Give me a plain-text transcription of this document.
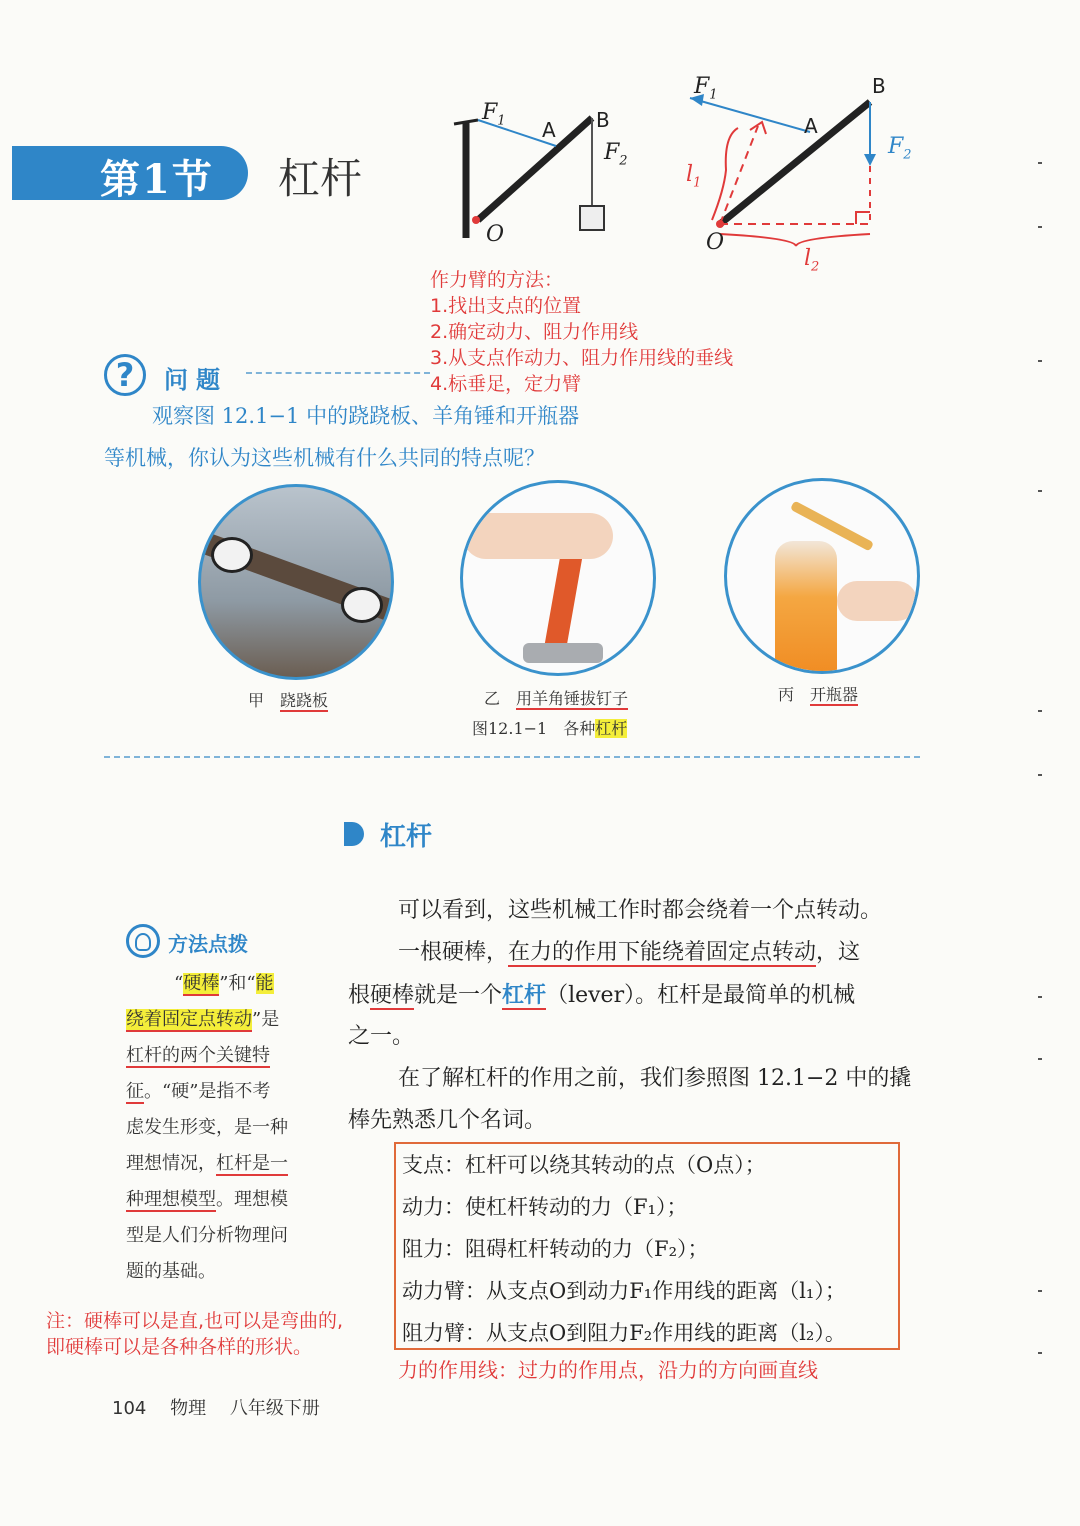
第1节 杠杆
$F_1$ A B
$F_2$
O
$F_1$
A
B
$F_2$
O
$l_1$
$l_2$
作力臂的方法：
1.找出支点的位置
2.确定动力、阻力作用线
3.从支点作动力、阻力作用线的垂线
4.标垂足，定力臂
?	问题
观察图 12.1−1 中的跷跷板、羊角锤和开瓶器
等机械，你认为这些机械有什么共同的特点呢？
甲　 跷跷板	乙　 用羊角锤拔钉子	丙　 开瓶器
图12.1−1　各种杠杆
杠杆
可以看到，这些机械工作时都会绕着一个点转动。
一根硬棒，在力的作用下能绕着固定点转动，这
根硬棒就是一个杠杆（lever）。杠杆是最简单的机械
之一。
在了解杠杆的作用之前，我们参照图 12.1−2 中的撬
棒先熟悉几个名词。
支点：杠杆可以绕其转动的点（O点）；
动力：使杠杆转动的力（F₁）；
阻力：阻碍杠杆转动的力（F₂）；
动力臂：从支点O到动力F₁作用线的距离（l₁）；
阻力臂：从支点O到阻力F₂作用线的距离（l₂）。
力的作用线：过力的作用点，沿力的方向画直线
方法点拨
“硬棒”和“能
绕着固定点转动”是
杠杆的两个关键特
征。“硬”是指不考
虑发生形变，是一种
理想情况，杠杆是一
种理想模型。理想模
型是人们分析物理问
题的基础。
注：硬棒可以是直,也可以是弯曲的,
即硬棒可以是各种各样的形状。
104　 物理　 八年级下册
